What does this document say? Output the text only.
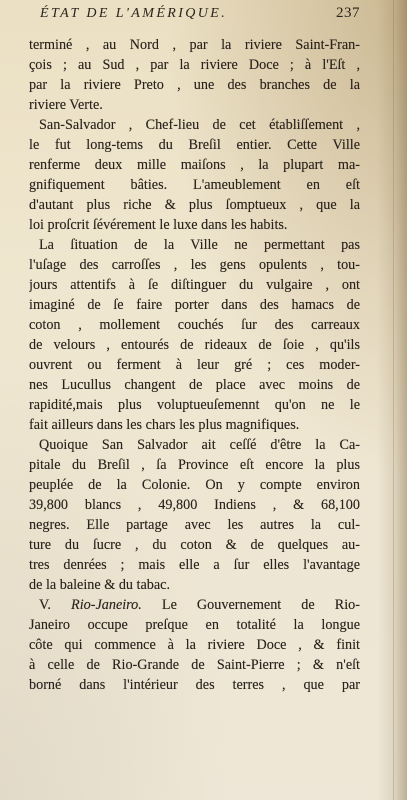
ÉTAT DE L'AMÉRIQUE.	237
terminé , au Nord , par la riviere Saint-Fran-
çois ; au Sud , par la riviere Doce ; à l'Eſt ,
par la riviere Preto , une des branches de la
riviere Verte.
San-Salvador , Chef-lieu de cet établiſſement ,
le fut long-tems du Breſil entier. Cette Ville
renferme deux mille maiſons , la plupart ma-
gnifiquement bâties. L'ameublement en eſt
d'autant plus riche & plus ſomptueux , que la
loi proſcrit ſévérement le luxe dans les habits.
La ſituation de la Ville ne permettant pas
l'uſage des carroſſes , les gens opulents , tou-
jours attentifs à ſe diſtinguer du vulgaire , ont
imaginé de ſe faire porter dans des hamacs de
coton , mollement couchés ſur des carreaux
de velours , entourés de rideaux de ſoie , qu'ils
ouvrent ou ferment à leur gré ; ces moder-
nes Lucullus changent de place avec moins de
rapidité,mais plus voluptueuſemennt qu'on ne le
fait ailleurs dans les chars les plus magnifiques.
Quoique San Salvador ait ceſſé d'être la Ca-
pitale du Breſil , ſa Province eſt encore la plus
peuplée de la Colonie. On y compte environ
39,800 blancs , 49,800 Indiens , & 68,100
negres. Elle partage avec les autres la cul-
ture du ſucre , du coton & de quelques au-
tres denrées ; mais elle a ſur elles l'avantage
de la baleine & du tabac.
V. Rio-Janeiro. Le Gouvernement de Rio-
Janeiro occupe preſque en totalité la longue
côte qui commence à la riviere Doce , & finit
à celle de Rio-Grande de Saint-Pierre ; & n'eſt
borné dans l'intérieur des terres , que par
